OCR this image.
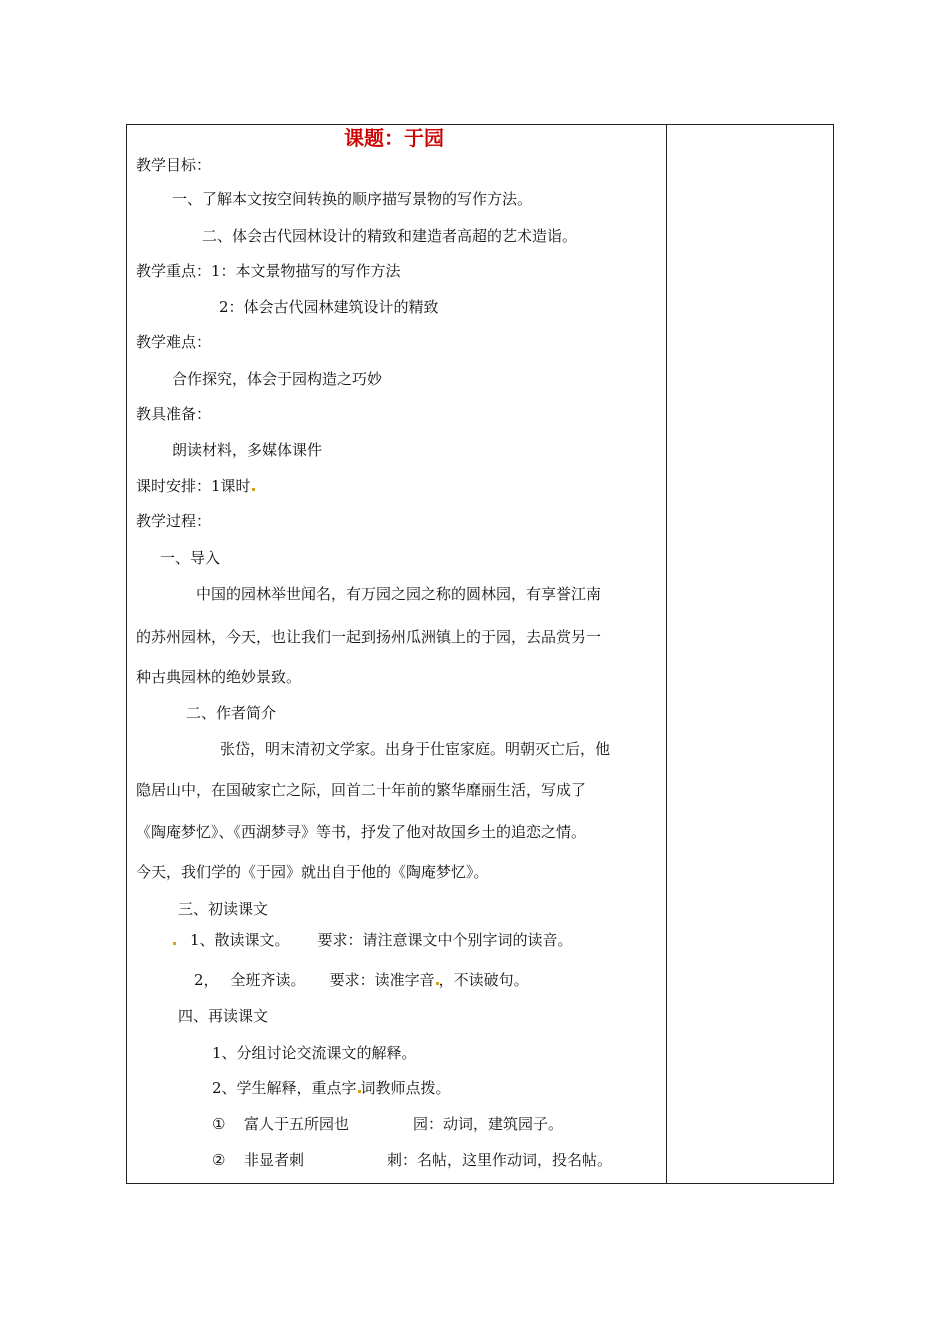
课题：于园
教学目标：
一、了解本文按空间转换的顺序描写景物的写作方法。
二、体会古代园林设计的精致和建造者高超的艺术造诣。
教学重点： 1：本文景物描写的写作方法
2：体会古代园林建筑设计的精致
教学难点：
合作探究，体会于园构造之巧妙
教具准备：
朗读材料，多媒体课件
课时安排：1课时
教学过程：
一、导入
中国的园林举世闻名，有万园之园之称的圆林园，有享誉江南
的苏州园林，今天，也让我们一起到扬州瓜洲镇上的于园，去品赏另一
种古典园林的绝妙景致。
二、作者简介
张岱，明末清初文学家。出身于仕宦家庭。明朝灭亡后，他
隐居山中，在国破家亡之际，回首二十年前的繁华靡丽生活，写成了
《陶庵梦忆》、《西湖梦寻》等书，抒发了他对故国乡土的追恋之情。
今天，我们学的《于园》就出自于他的《陶庵梦忆》。
三、初读课文
1、散读课文。 要求：请注意课文中个别字词的读音。
2， 全班齐读。 要求：读准字音 ，不读破句。
四、再读课文
1、分组讨论交流课文的解释。
2、学生解释，重点字 词教师点拨。
① 富人于五所园也	园：动词，建筑园子。
② 非显者刺	刺：名帖，这里作动词，投名帖。
